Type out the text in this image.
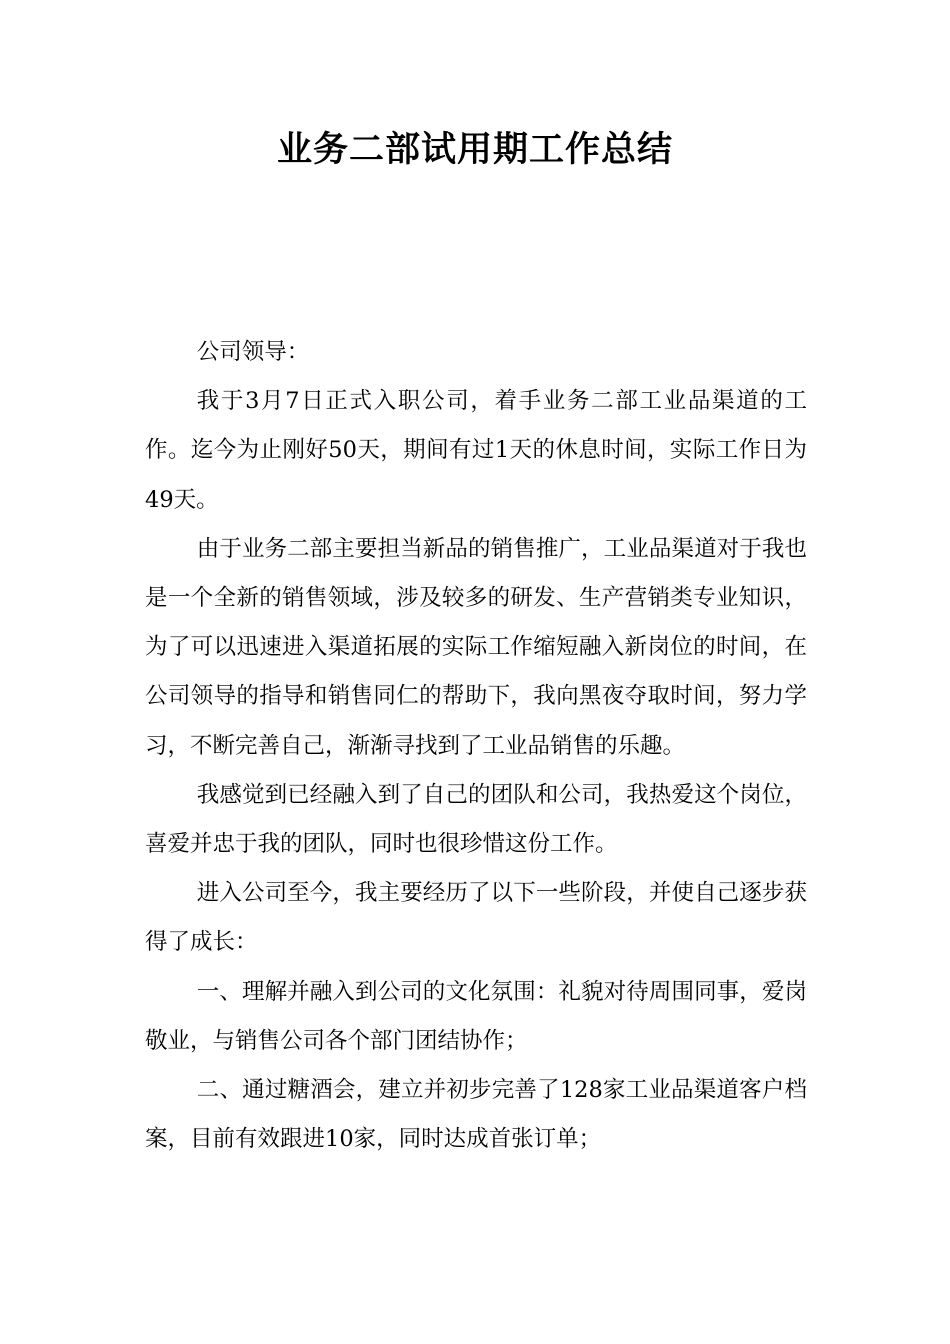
业务二部试用期工作总结

公司领导：

我于3月7日正式入职公司，着手业务二部工业品渠道的工作。迄今为止刚好50天，期间有过1天的休息时间，实际工作日为49天。

由于业务二部主要担当新品的销售推广，工业品渠道对于我也是一个全新的销售领域，涉及较多的研发、生产营销类专业知识，为了可以迅速进入渠道拓展的实际工作缩短融入新岗位的时间，在公司领导的指导和销售同仁的帮助下，我向黑夜夺取时间，努力学习，不断完善自己，渐渐寻找到了工业品销售的乐趣。

我感觉到已经融入到了自己的团队和公司，我热爱这个岗位，喜爱并忠于我的团队，同时也很珍惜这份工作。

进入公司至今，我主要经历了以下一些阶段，并使自己逐步获得了成长：

一、理解并融入到公司的文化氛围：礼貌对待周围同事，爱岗敬业，与销售公司各个部门团结协作；

二、通过糖酒会，建立并初步完善了128家工业品渠道客户档案，目前有效跟进10家，同时达成首张订单；
